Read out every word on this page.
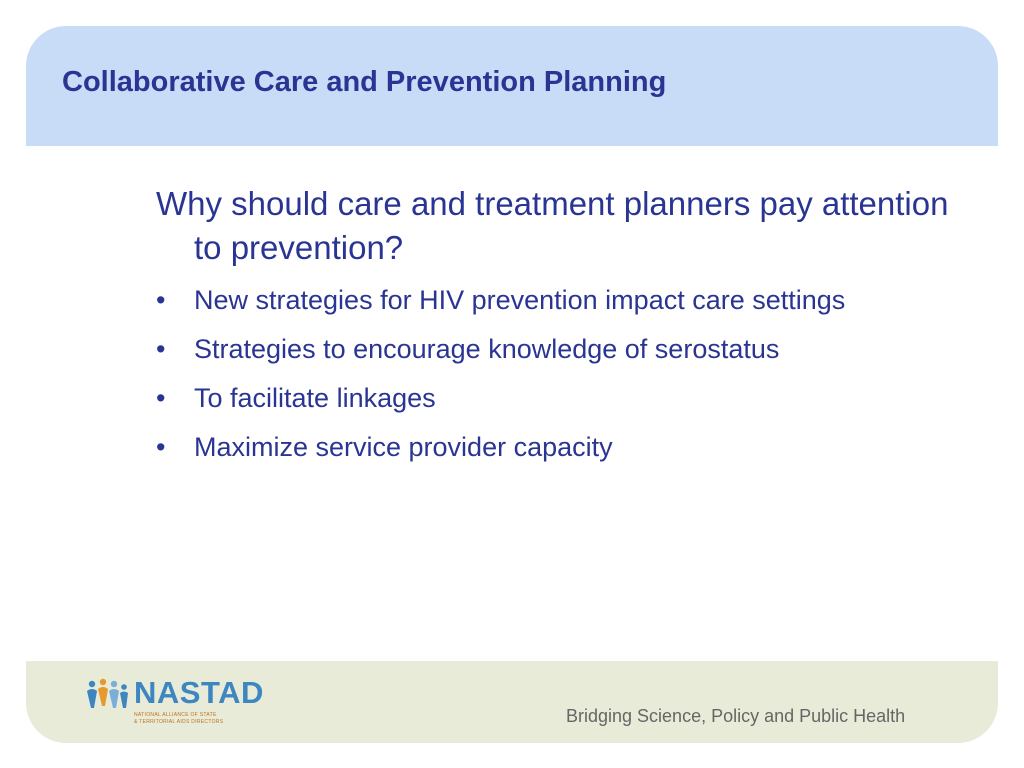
Collaborative Care and Prevention Planning

Why should care and treatment planners pay attention to prevention?

•	New strategies for HIV prevention impact care settings
•	Strategies to encourage knowledge of serostatus
•	To facilitate linkages
•	Maximize service provider capacity
NASTAD
NATIONAL ALLIANCE OF STATE
& TERRITORIAL AIDS DIRECTORS	Bridging Science, Policy and Public Health
